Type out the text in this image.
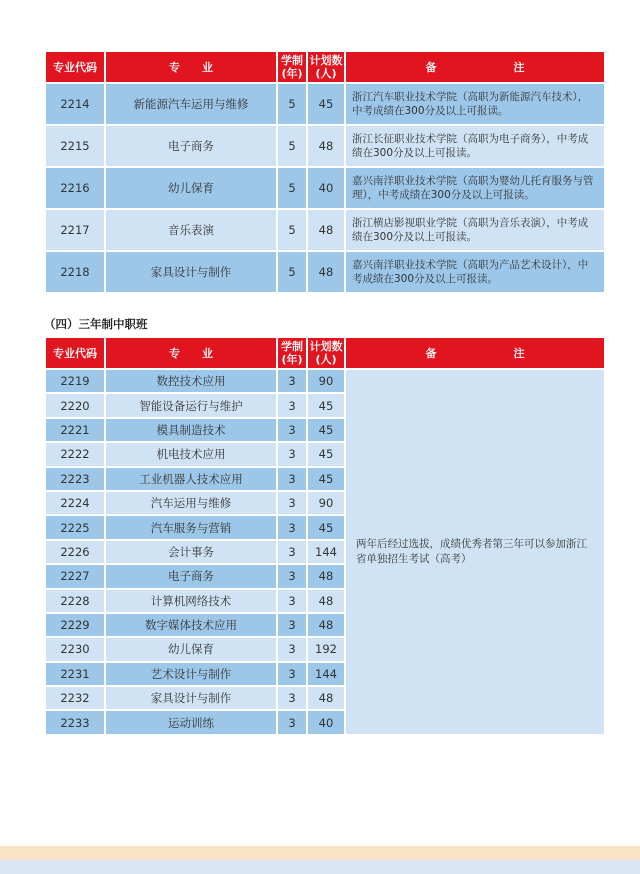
专业代码	专　　业	学制(年)	计划数(人)	备　　　　　　　注
2214	新能源汽车运用与维修	5	45	浙江汽车职业技术学院（高职为新能源汽车技术），中考成绩在300分及以上可报读。
2215	电子商务	5	48	浙江长征职业技术学院（高职为电子商务），中考成绩在300分及以上可报读。
2216	幼儿保育	5	40	嘉兴南洋职业技术学院（高职为婴幼儿托育服务与管理），中考成绩在300分及以上可报读。
2217	音乐表演	5	48	浙江横店影视职业学院（高职为音乐表演），中考成绩在300分及以上可报读。
2218	家具设计与制作	5	48	嘉兴南洋职业技术学院（高职为产品艺术设计），中考成绩在300分及以上可报读。
（四）三年制中职班
专业代码	专　　业	学制(年)	计划数(人)	备　　　　　　　注
2219	数控技术应用	3	90	两年后经过选拔，成绩优秀者第三年可以参加浙江省单独招生考试（高考）
2220	智能设备运行与维护	3	45	
2221	模具制造技术	3	45	
2222	机电技术应用	3	45	
2223	工业机器人技术应用	3	45	
2224	汽车运用与维修	3	90	
2225	汽车服务与营销	3	45	
2226	会计事务	3	144	
2227	电子商务	3	48	
2228	计算机网络技术	3	48	
2229	数字媒体技术应用	3	48	
2230	幼儿保育	3	192	
2231	艺术设计与制作	3	144	
2232	家具设计与制作	3	48	
2233	运动训练	3	40	
